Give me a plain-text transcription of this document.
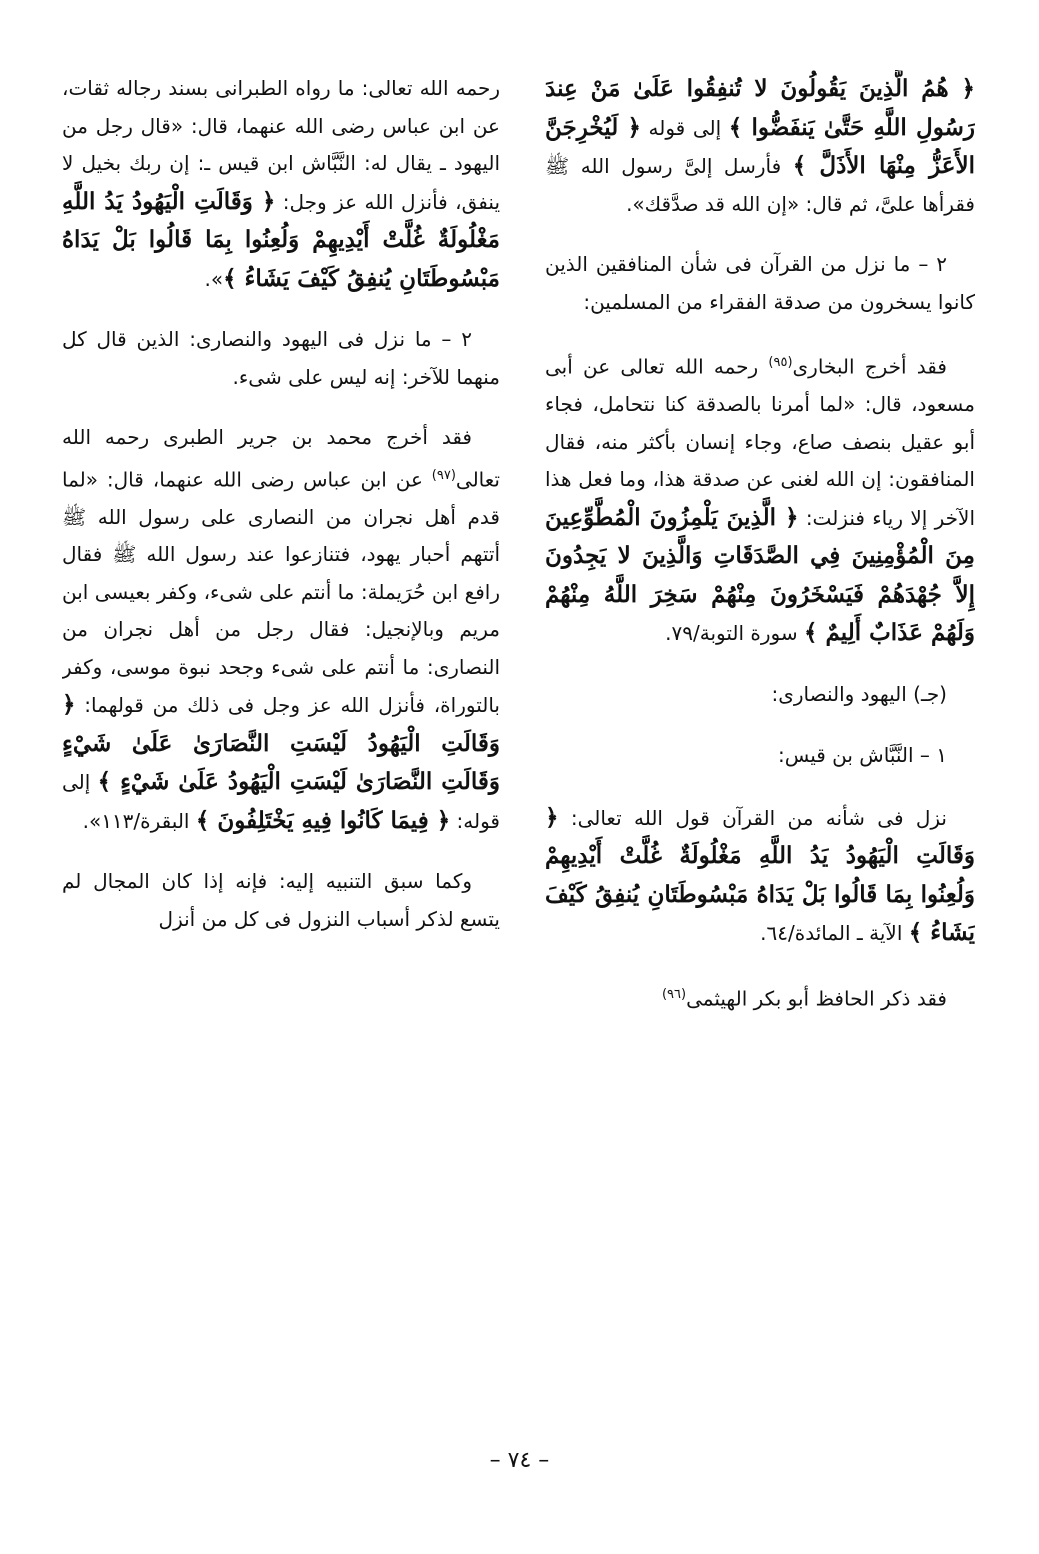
﴿ هُمُ الَّذِينَ يَقُولُونَ لا تُنفِقُوا عَلَىٰ مَنْ عِندَ رَسُولِ اللَّهِ حَتَّىٰ يَنفَضُّوا ﴾ إلى قوله ﴿ لَيُخْرِجَنَّ الأَعَزُّ مِنْهَا الأَذَلَّ ﴾ فأرسل إلىَّ رسول الله ﷺ فقرأها علىَّ، ثم قال: «إن الله قد صدَّقك».

٢ – ما نزل من القرآن فى شأن المنافقين الذين كانوا يسخرون من صدقة الفقراء من المسلمين:

فقد أخرج البخارى$^{(٩٥)}$ رحمه الله تعالى عن أبى مسعود، قال: «لما أمرنا بالصدقة كنا نتحامل، فجاء أبو عقيل بنصف صاع، وجاء إنسان بأكثر منه، فقال المنافقون: إن الله لغنى عن صدقة هذا، وما فعل هذا الآخر إلا رياء فنزلت: ﴿ الَّذِينَ يَلْمِزُونَ الْمُطَّوِّعِينَ مِنَ الْمُؤْمِنِينَ فِي الصَّدَقَاتِ وَالَّذِينَ لا يَجِدُونَ إِلاَّ جُهْدَهُمْ فَيَسْخَرُونَ مِنْهُمْ سَخِرَ اللَّهُ مِنْهُمْ وَلَهُمْ عَذَابٌ أَلِيمٌ ﴾ سورة التوبة/٧٩.

(جـ) اليهود والنصارى:

١ – النَّبَّاش بن قيس:

نزل فى شأنه من القرآن قول الله تعالى: ﴿ وَقَالَتِ الْيَهُودُ يَدُ اللَّهِ مَغْلُولَةٌ غُلَّتْ أَيْدِيهِمْ وَلُعِنُوا بِمَا قَالُوا بَلْ يَدَاهُ مَبْسُوطَتَانِ يُنفِقُ كَيْفَ يَشَاءُ ﴾ الآية ـ المائدة/٦٤.

فقد ذكر الحافظ أبو بكر الهيثمى$^{(٩٦)}$

رحمه الله تعالى: ما رواه الطبرانى بسند رجاله ثقات، عن ابن عباس رضى الله عنهما، قال: «قال رجل من اليهود ـ يقال له: النَّبَّاش ابن قيس ـ: إن ربك بخيل لا ينفق، فأنزل الله عز وجل: ﴿ وَقَالَتِ الْيَهُودُ يَدُ اللَّهِ مَغْلُولَةٌ غُلَّتْ أَيْدِيهِمْ وَلُعِنُوا بِمَا قَالُوا بَلْ يَدَاهُ مَبْسُوطَتَانِ يُنفِقُ كَيْفَ يَشَاءُ ﴾».

٢ – ما نزل فى اليهود والنصارى: الذين قال كل منهما للآخر: إنه ليس على شىء.

فقد أخرج محمد بن جرير الطبرى رحمه الله تعالى$^{(٩٧)}$ عن ابن عباس رضى الله عنهما، قال: «لما قدم أهل نجران من النصارى على رسول الله ﷺ أتتهم أحبار يهود، فتنازعوا عند رسول الله ﷺ فقال رافع ابن حُرَيملة: ما أنتم على شىء، وكفر بعيسى ابن مريم وبالإنجيل: فقال رجل من أهل نجران من النصارى: ما أنتم على شىء وجحد نبوة موسى، وكفر بالتوراة، فأنزل الله عز وجل فى ذلك من قولهما: ﴿ وَقَالَتِ الْيَهُودُ لَيْسَتِ النَّصَارَىٰ عَلَىٰ شَيْءٍ وَقَالَتِ النَّصَارَىٰ لَيْسَتِ الْيَهُودُ عَلَىٰ شَيْءٍ ﴾ إلى قوله: ﴿ فِيمَا كَانُوا فِيهِ يَخْتَلِفُونَ ﴾ البقرة/١١٣».

وكما سبق التنبيه إليه: فإنه إذا كان المجال لم يتسع لذكر أسباب النزول فى كل من أنزل

– ٧٤ –
